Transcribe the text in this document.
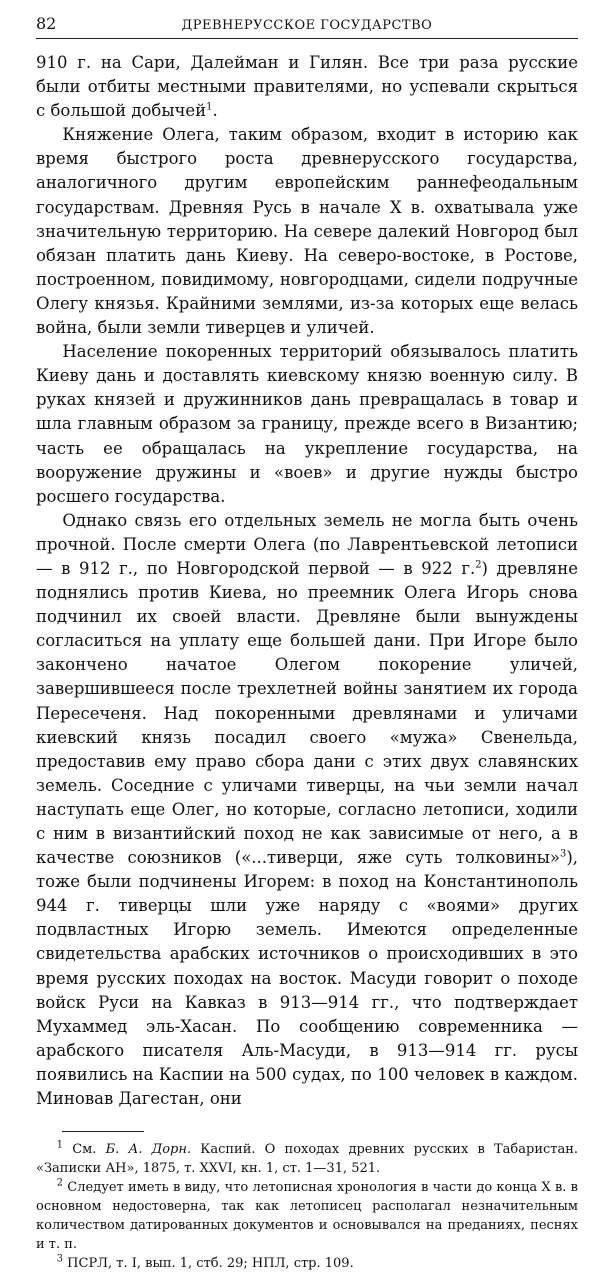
82	ДРЕВНЕРУССКОЕ ГОСУДАРСТВО

910 г. на Сари, Далейман и Гилян. Все три раза русские были отбиты местными правителями, но успевали скрыться с большой добычей$^1$.

Княжение Олега, таким образом, входит в историю как время быстрого роста древнерусского государства, аналогичного другим европейским раннефеодальным государствам. Древняя Русь в начале X в. охватывала уже значительную территорию. На севере далекий Новгород был обязан платить дань Киеву. На северо-востоке, в Ростове, построенном, повидимому, новгородцами, сидели подручные Олегу князья. Крайними землями, из-за которых еще велась война, были земли тиверцев и уличей.

Население покоренных территорий обязывалось платить Киеву дань и доставлять киевскому князю военную силу. В руках князей и дружинников дань превращалась в товар и шла главным образом за границу, прежде всего в Византию; часть ее обращалась на укрепление государства, на вооружение дружины и «воев» и другие нужды быстро росшего государства.

Однако связь его отдельных земель не могла быть очень прочной. После смерти Олега (по Лаврентьевской летописи — в 912 г., по Новгородской первой — в 922 г.$^2$) древляне поднялись против Киева, но преемник Олега Игорь снова подчинил их своей власти. Древляне были вынуждены согласиться на уплату еще большей дани. При Игоре было закончено начатое Олегом покорение уличей, завершившееся после трехлетней войны занятием их города Пересеченя. Над покоренными древлянами и уличами киевский князь посадил своего «мужа» Свенельда, предоставив ему право сбора дани с этих двух славянских земель. Соседние с уличами тиверцы, на чьи земли начал наступать еще Олег, но которые, согласно летописи, ходили с ним в византийский поход не как зависимые от него, а в качестве союзников («...тиверци, яже суть толковины»$^3$), тоже были подчинены Игорем: в поход на Константинополь 944 г. тиверцы шли уже наряду с «воями» других подвластных Игорю земель. Имеются определенные свидетельства арабских источников о происходивших в это время русских походах на восток. Масуди говорит о походе войск Руси на Кавказ в 913—914 гг., что подтверждает Мухаммед эль-Хасан. По сообщению современника — арабского писателя Аль-Масуди, в 913—914 гг. русы появились на Каспии на 500 судах, по 100 человек в каждом. Миновав Дагестан, они

$^1$ См. Б. А. Дорн. Каспий. О походах древних русских в Табаристан. «Записки АН», 1875, т. XXVI, кн. 1, ст. 1—31, 521.

$^2$ Следует иметь в виду, что летописная хронология в части до конца X в. в основном недостоверна, так как летописец располагал незначительным количеством датированных документов и основывался на преданиях, песнях и т. п.

$^3$ ПСРЛ, т. I, вып. 1, стб. 29; НПЛ, стр. 109.
